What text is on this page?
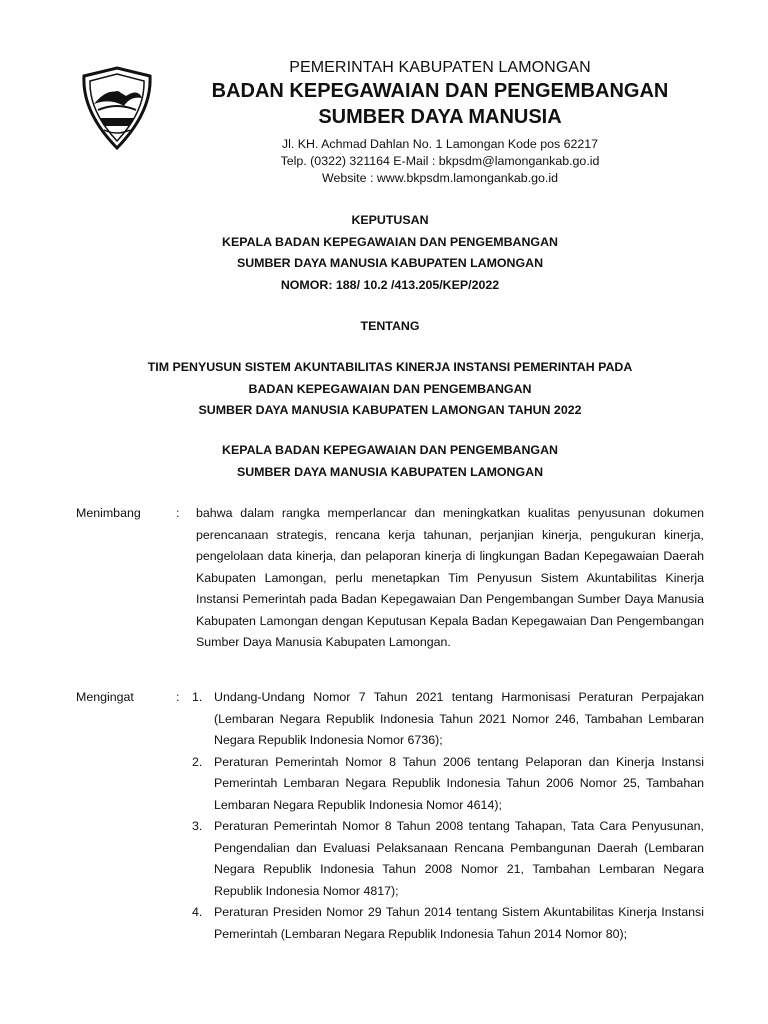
PEMERINTAH KABUPATEN LAMONGAN
BADAN KEPEGAWAIAN DAN PENGEMBANGAN
SUMBER DAYA MANUSIA
Jl. KH. Achmad Dahlan No. 1 Lamongan Kode pos 62217
Telp. (0322) 321164 E-Mail : bkpsdm@lamongankab.go.id
Website : www.bkpsdm.lamongankab.go.id
KEPUTUSAN
KEPALA BADAN KEPEGAWAIAN DAN PENGEMBANGAN
SUMBER DAYA MANUSIA KABUPATEN LAMONGAN
NOMOR: 188/ 10.2 /413.205/KEP/2022
TENTANG
TIM PENYUSUN SISTEM AKUNTABILITAS KINERJA INSTANSI PEMERINTAH PADA
BADAN KEPEGAWAIAN DAN PENGEMBANGAN
SUMBER DAYA MANUSIA KABUPATEN LAMONGAN TAHUN 2022
KEPALA BADAN KEPEGAWAIAN DAN PENGEMBANGAN
SUMBER DAYA MANUSIA KABUPATEN LAMONGAN
Menimbang	: bahwa dalam rangka memperlancar dan meningkatkan kualitas penyusunan dokumen perencanaan strategis, rencana kerja tahunan, perjanjian kinerja, pengukuran kinerja, pengelolaan data kinerja, dan pelaporan kinerja di lingkungan Badan Kepegawaian Daerah Kabupaten Lamongan, perlu menetapkan Tim Penyusun Sistem Akuntabilitas Kinerja Instansi Pemerintah pada Badan Kepegawaian Dan Pengembangan Sumber Daya Manusia Kabupaten Lamongan dengan Keputusan Kepala Badan Kepegawaian Dan Pengembangan Sumber Daya Manusia Kabupaten Lamongan.
Mengingat	: 1. Undang-Undang Nomor 7 Tahun 2021 tentang Harmonisasi Peraturan Perpajakan (Lembaran Negara Republik Indonesia Tahun 2021 Nomor 246, Tambahan Lembaran Negara Republik Indonesia Nomor 6736);
2. Peraturan Pemerintah Nomor 8 Tahun 2006 tentang Pelaporan dan Kinerja Instansi Pemerintah Lembaran Negara Republik Indonesia Tahun 2006 Nomor 25, Tambahan Lembaran Negara Republik Indonesia Nomor 4614);
3. Peraturan Pemerintah Nomor 8 Tahun 2008 tentang Tahapan, Tata Cara Penyusunan, Pengendalian dan Evaluasi Pelaksanaan Rencana Pembangunan Daerah (Lembaran Negara Republik Indonesia Tahun 2008 Nomor 21, Tambahan Lembaran Negara Republik Indonesia Nomor 4817);
4. Peraturan Presiden Nomor 29 Tahun 2014 tentang Sistem Akuntabilitas Kinerja Instansi Pemerintah (Lembaran Negara Republik Indonesia Tahun 2014 Nomor 80);
